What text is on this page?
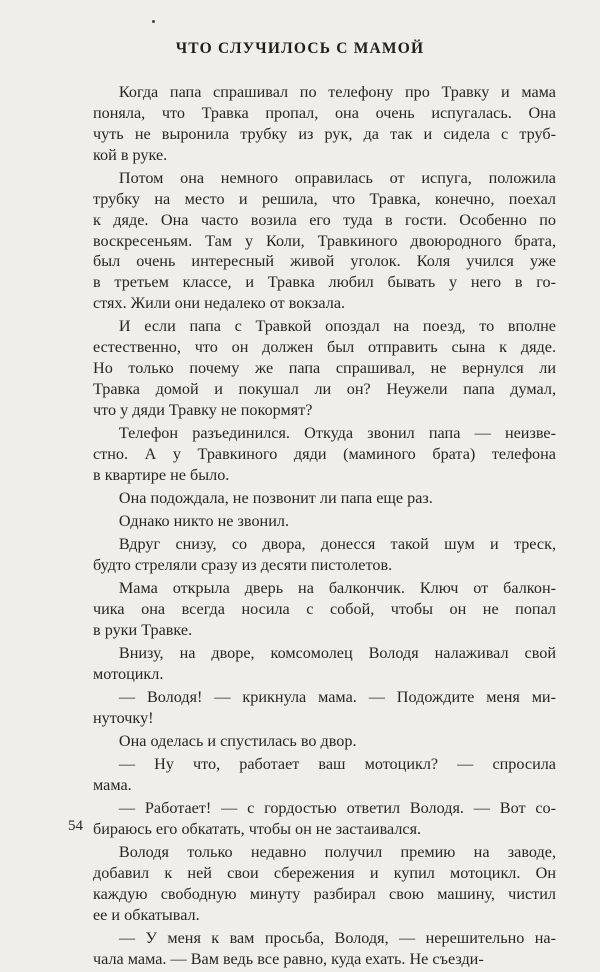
ЧТО СЛУЧИЛОСЬ С МАМОЙ
Когда папа спрашивал по телефону про Травку и мама
поняла, что Травка пропал, она очень испугалась. Она
чуть не выронила трубку из рук, да так и сидела с труб-
кой в руке.
Потом она немного оправилась от испуга, положила
трубку на место и решила, что Травка, конечно, поехал
к дяде. Она часто возила его туда в гости. Особенно по
воскресеньям. Там у Коли, Травкиного двоюродного брата,
был очень интересный живой уголок. Коля учился уже
в третьем классе, и Травка любил бывать у него в го-
стях. Жили они недалеко от вокзала.
И если папа с Травкой опоздал на поезд, то вполне
естественно, что он должен был отправить сына к дяде.
Но только почему же папа спрашивал, не вернулся ли
Травка домой и покушал ли он? Неужели папа думал,
что у дяди Травку не покормят?
Телефон разъединился. Откуда звонил папа — неизве-
стно. А у Травкиного дяди (маминого брата) телефона
в квартире не было.
Она подождала, не позвонит ли папа еще раз.
Однако никто не звонил.
Вдруг снизу, со двора, донесся такой шум и треск,
будто стреляли сразу из десяти пистолетов.
Мама открыла дверь на балкончик. Ключ от балкон-
чика она всегда носила с собой, чтобы он не попал
в руки Травке.
Внизу, на дворе, комсомолец Володя налаживал свой
мотоцикл.
— Володя! — крикнула мама. — Подождите меня ми-
нуточку!
Она оделась и спустилась во двор.
— Ну что, работает ваш мотоцикл? — спросила
мама.
— Работает! — с гордостью ответил Володя. — Вот со-
бираюсь его обкатать, чтобы он не застаивался.
Володя только недавно получил премию на заводе,
добавил к ней свои сбережения и купил мотоцикл. Он
каждую свободную минуту разбирал свою машину, чистил
ее и обкатывал.
— У меня к вам просьба, Володя, — нерешительно на-
чала мама. — Вам ведь все равно, куда ехать. Не съезди-
54
